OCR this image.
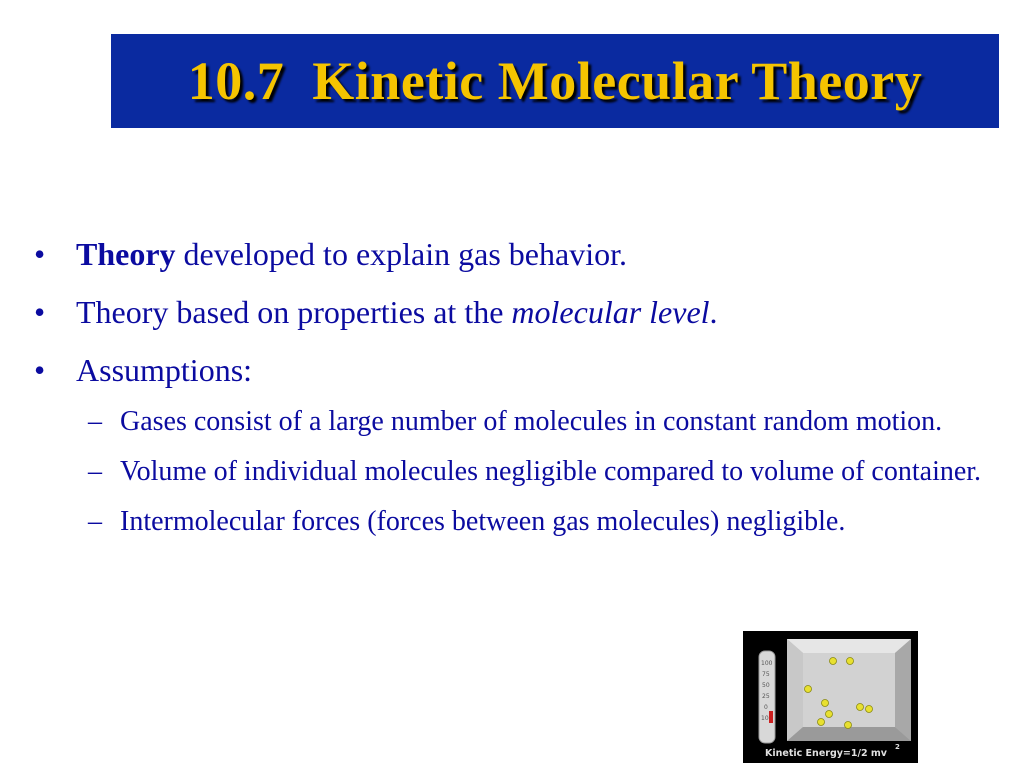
10.7  Kinetic Molecular Theory
• Theory developed to explain gas behavior.
• Theory based on properties at the molecular level.
• Assumptions:
– Gases consist of a large number of molecules in constant random motion.
– Volume of individual molecules negligible compared to volume of container.
– Intermolecular forces (forces between gas molecules) negligible.
100
75
50
25
0
10
Kinetic Energy=1/2 mv
2
